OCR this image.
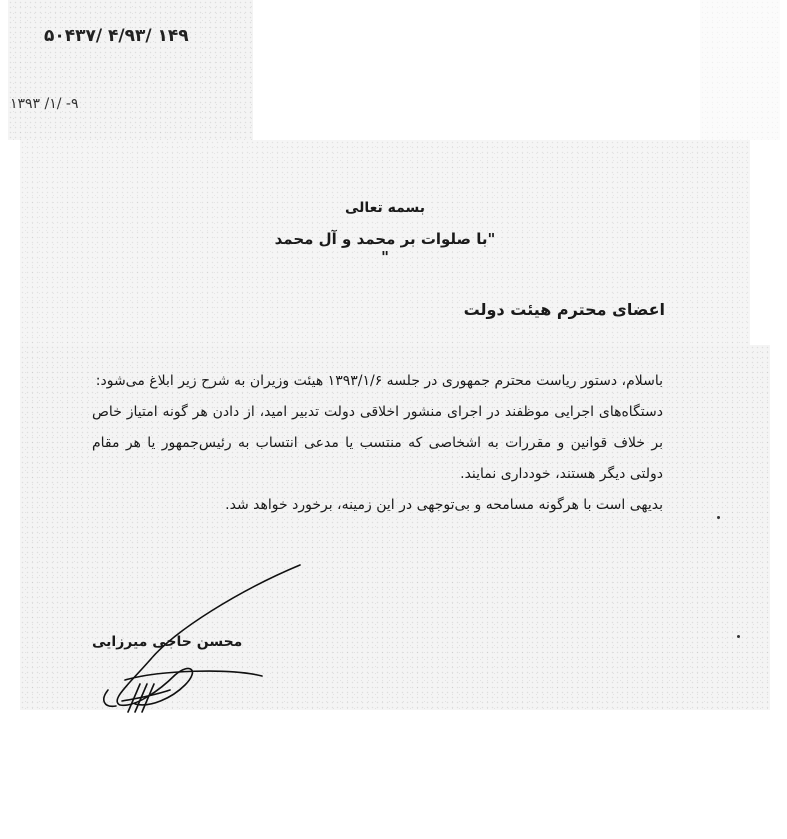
۵۰۴۳۷/ ۴/۹۳/ ۱۴۹
۱۳۹۳ /۱/ -۹
بسمه تعالی
"با صلوات بر محمد و آل محمد "
اعضای محترم هیئت دولت

باسلام، دستور ریاست محترم جمهوری در جلسه ۱۳۹۳/۱/۶ هیئت وزیران به شرح زیر ابلاغ می‌شود:

دستگاه‌های اجرایی موظفند در اجرای منشور اخلاقی دولت تدبیر امید، از دادن هر گونه امتیاز خاص بر خلاف قوانین و مقررات به اشخاصی که منتسب یا مدعی انتساب به رئیس‌جمهور یا هر مقام دولتی دیگر هستند، خودداری نمایند.

بدیهی است با هرگونه مسامحه و بی‌توجهی در این زمینه، برخورد خواهد شد.

محسن حاجی میرزایی
